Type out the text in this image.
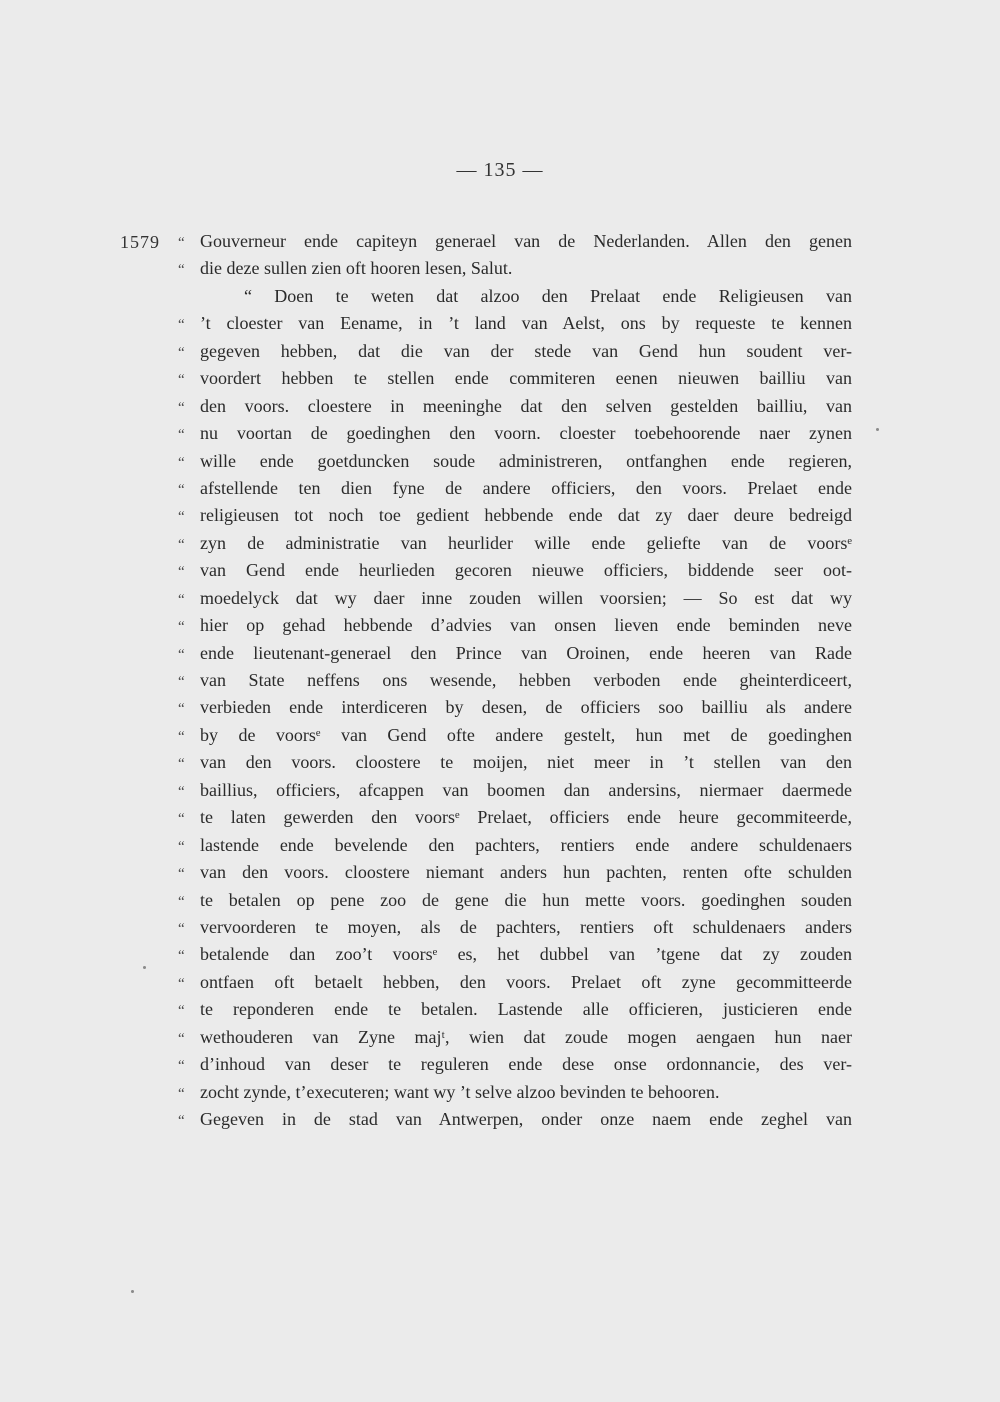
— 135 —
1579 “ Gouverneur ende capiteyn generael van de Nederlanden. Allen den genen
“ die deze sullen zien oft hooren lesen, Salut.
“ Doen te weten dat alzoo den Prelaat ende Religieusen van
“ ’t cloester van Eename, in ’t land van Aelst, ons by requeste te kennen
“ gegeven hebben, dat die van der stede van Gend hun soudent ver-
“ voordert hebben te stellen ende commiteren eenen nieuwen bailliu van
“ den voors. cloestere in meeninghe dat den selven gestelden bailliu, van
“ nu voortan de goedinghen den voorn. cloester toebehoorende naer zynen
“ wille ende goetduncken soude administreren, ontfanghen ende regieren,
“ afstellende ten dien fyne de andere officiers, den voors. Prelaet ende
“ religieusen tot noch toe gedient hebbende ende dat zy daer deure bedreigd
“ zyn de administratie van heurlider wille ende geliefte van de voorsᵉ
“ van Gend ende heurlieden gecoren nieuwe officiers, biddende seer oot-
“ moedelyck dat wy daer inne zouden willen voorsien; — So est dat wy
“ hier op gehad hebbende d’advies van onsen lieven ende beminden neve
“ ende lieutenant-generael den Prince van Oroinen, ende heeren van Rade
“ van State neffens ons wesende, hebben verboden ende gheinterdiceert,
“ verbieden ende interdiceren by desen, de officiers soo bailliu als andere
“ by de voorsᵉ van Gend ofte andere gestelt, hun met de goedinghen
“ van den voors. cloostere te moijen, niet meer in ’t stellen van den
“ baillius, officiers, afcappen van boomen dan andersins, niermaer daermede
“ te laten gewerden den voorsᵉ Prelaet, officiers ende heure gecommiteerde,
“ lastende ende bevelende den pachters, rentiers ende andere schuldenaers
“ van den voors. cloostere niemant anders hun pachten, renten ofte schulden
“ te betalen op pene zoo de gene die hun mette voors. goedinghen souden
“ vervoorderen te moyen, als de pachters, rentiers oft schuldenaers anders
“ betalende dan zoo’t voorsᵉ es, het dubbel van ’tgene dat zy zouden
“ ontfaen oft betaelt hebben, den voors. Prelaet oft zyne gecommitteerde
“ te reponderen ende te betalen. Lastende alle officieren, justicieren ende
“ wethouderen van Zyne majᵗ, wien dat zoude mogen aengaen hun naer
“ d’inhoud van deser te reguleren ende dese onse ordonnancie, des ver-
“ zocht zynde, t’executeren; want wy ’t selve alzoo bevinden te behooren.
“ Gegeven in de stad van Antwerpen, onder onze naem ende zeghel van
